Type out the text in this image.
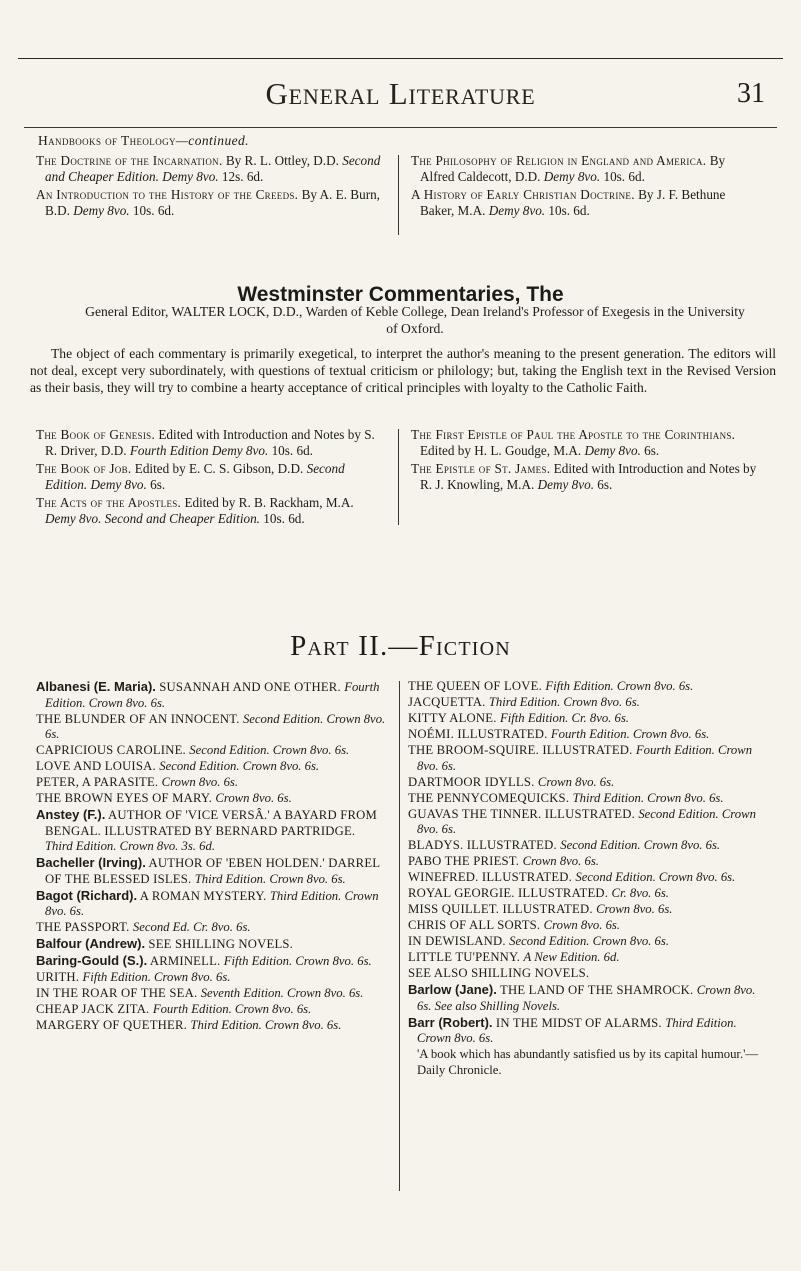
General Literature	31
Handbooks of Theology—continued.

The Doctrine of the Incarnation. By R. L. Ottley, D.D. Second and Cheaper Edition. Demy 8vo. 12s. 6d.

An Introduction to the History of the Creeds. By A. E. Burn, B.D. Demy 8vo. 10s. 6d.

The Philosophy of Religion in England and America. By Alfred Caldecott, D.D. Demy 8vo. 10s. 6d.

A History of Early Christian Doctrine. By J. F. Bethune Baker, M.A. Demy 8vo. 10s. 6d.

Westminster Commentaries, The
General Editor, WALTER LOCK, D.D., Warden of Keble College, Dean Ireland's Professor of Exegesis in the University of Oxford.
The object of each commentary is primarily exegetical, to interpret the author's meaning to the present generation. The editors will not deal, except very subordinately, with questions of textual criticism or philology; but, taking the English text in the Revised Version as their basis, they will try to combine a hearty acceptance of critical principles with loyalty to the Catholic Faith.

The Book of Genesis. Edited with Introduction and Notes by S. R. Driver, D.D. Fourth Edition Demy 8vo. 10s. 6d.

The Book of Job. Edited by E. C. S. Gibson, D.D. Second Edition. Demy 8vo. 6s.

The Acts of the Apostles. Edited by R. B. Rackham, M.A. Demy 8vo. Second and Cheaper Edition. 10s. 6d.

The First Epistle of Paul the Apostle to the Corinthians. Edited by H. L. Goudge, M.A. Demy 8vo. 6s.

The Epistle of St. James. Edited with Introduction and Notes by R. J. Knowling, M.A. Demy 8vo. 6s.

Part II.—Fiction

Albanesi (E. Maria). SUSANNAH AND ONE OTHER. Fourth Edition. Crown 8vo. 6s.

THE BLUNDER OF AN INNOCENT. Second Edition. Crown 8vo. 6s.

CAPRICIOUS CAROLINE. Second Edition. Crown 8vo. 6s.

LOVE AND LOUISA. Second Edition. Crown 8vo. 6s.

PETER, A PARASITE. Crown 8vo. 6s.

THE BROWN EYES OF MARY. Crown 8vo. 6s.

Anstey (F.). AUTHOR OF 'VICE VERSÂ.' A BAYARD FROM BENGAL. ILLUSTRATED BY BERNARD PARTRIDGE. Third Edition. Crown 8vo. 3s. 6d.

Bacheller (Irving). AUTHOR OF 'EBEN HOLDEN.' DARREL OF THE BLESSED ISLES. Third Edition. Crown 8vo. 6s.

Bagot (Richard). A ROMAN MYSTERY. Third Edition. Crown 8vo. 6s.

THE PASSPORT. Second Ed. Cr. 8vo. 6s.

Balfour (Andrew). SEE SHILLING NOVELS.

Baring-Gould (S.). ARMINELL. Fifth Edition. Crown 8vo. 6s.

URITH. Fifth Edition. Crown 8vo. 6s.

IN THE ROAR OF THE SEA. Seventh Edition. Crown 8vo. 6s.

CHEAP JACK ZITA. Fourth Edition. Crown 8vo. 6s.

MARGERY OF QUETHER. Third Edition. Crown 8vo. 6s.

THE QUEEN OF LOVE. Fifth Edition. Crown 8vo. 6s.

JACQUETTA. Third Edition. Crown 8vo. 6s.

KITTY ALONE. Fifth Edition. Cr. 8vo. 6s.

NOÉMI. ILLUSTRATED. Fourth Edition. Crown 8vo. 6s.

THE BROOM-SQUIRE. ILLUSTRATED. Fourth Edition. Crown 8vo. 6s.

DARTMOOR IDYLLS. Crown 8vo. 6s.

THE PENNYCOMEQUICKS. Third Edition. Crown 8vo. 6s.

GUAVAS THE TINNER. ILLUSTRATED. Second Edition. Crown 8vo. 6s.

BLADYS. ILLUSTRATED. Second Edition. Crown 8vo. 6s.

PABO THE PRIEST. Crown 8vo. 6s.

WINEFRED. ILLUSTRATED. Second Edition. Crown 8vo. 6s.

ROYAL GEORGIE. ILLUSTRATED. Cr. 8vo. 6s.

MISS QUILLET. ILLUSTRATED. Crown 8vo. 6s.

CHRIS OF ALL SORTS. Crown 8vo. 6s.

IN DEWISLAND. Second Edition. Crown 8vo. 6s.

LITTLE TU'PENNY. A New Edition. 6d.

SEE ALSO SHILLING NOVELS.

Barlow (Jane). THE LAND OF THE SHAMROCK. Crown 8vo. 6s. See also Shilling Novels.

Barr (Robert). IN THE MIDST OF ALARMS. Third Edition. Crown 8vo. 6s.

'A book which has abundantly satisfied us by its capital humour.'—Daily Chronicle.
